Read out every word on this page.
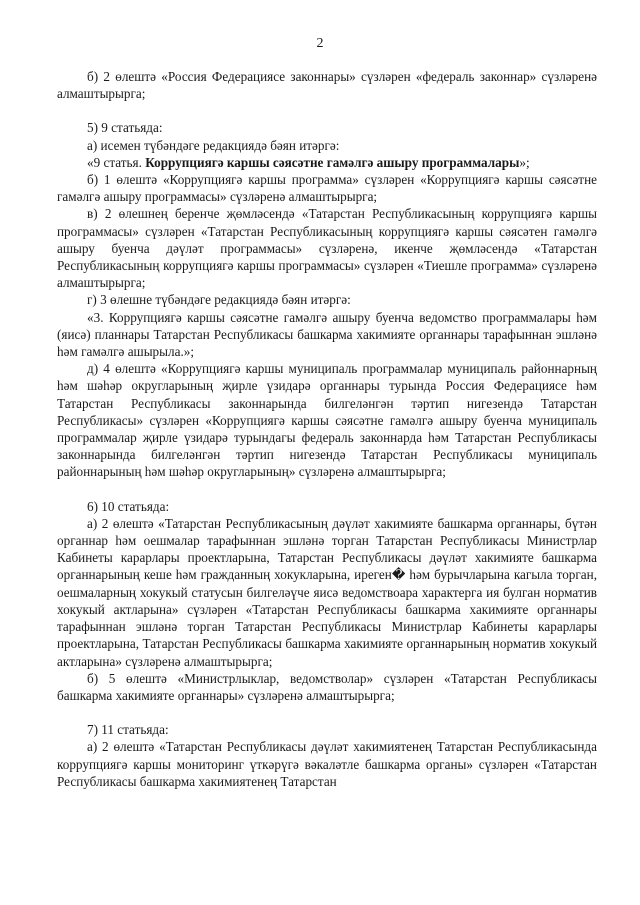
2
б) 2 өлештә «Россия Федерациясе законнары» сүзләрен «федераль законнар» сүзләренә алмаштырырга;
5) 9 статьяда:
а) исемен түбәндәге редакциядә бәян итәргә:
«9 статья. Коррупциягә каршы сәясәтне гамәлгә ашыру программалары»;
б) 1 өлештә «Коррупциягә каршы программа» сүзләрен «Коррупциягә каршы сәясәтне гамәлгә ашыру программасы» сүзләренә алмаштырырга;
в) 2 өлешнең беренче җөмләсендә «Татарстан Республикасының коррупциягә каршы программасы» сүзләрен «Татарстан Республикасының коррупциягә каршы сәясәтен гамәлгә ашыру буенча дәүләт программасы» сүзләренә, икенче җөмләсендә «Татарстан Республикасының коррупциягә каршы программасы» сүзләрен «Тиешле программа» сүзләренә алмаштырырга;
г) 3 өлешне түбәндәге редакциядә бәян итәргә:
«3. Коррупциягә каршы сәясәтне гамәлгә ашыру буенча ведомство программалары һәм (яисә) планнары Татарстан Республикасы башкарма хакимияте органнары тарафыннан эшләнә һәм гамәлгә ашырыла.»;
д) 4 өлештә «Коррупциягә каршы муниципаль программалар муниципаль районнарның һәм шәһәр округларының җирле үзидарә органнары турында Россия Федерациясе һәм Татарстан Республикасы законнарында билгеләнгән тәртип нигезендә Татарстан Республикасы» сүзләрен «Коррупциягә каршы сәясәтне гамәлгә ашыру буенча муниципаль программалар җирле үзидарә турындагы федераль законнарда һәм Татарстан Республикасы законнарында билгеләнгән тәртип нигезендә Татарстан Республикасы муниципаль районнарының һәм шәһәр округларының» сүзләренә алмаштырырга;
6) 10 статьяда:
а) 2 өлештә «Татарстан Республикасының дәүләт хакимияте башкарма органнары, бүтән органнар һәм оешмалар тарафыннан эшләнә торган Татарстан Республикасы Министрлар Кабинеты карарлары проектларына, Татарстан Республикасы дәүләт хакимияте башкарма органнарының кеше һәм гражданның хокукларына, иреген� һәм бурычларына кагыла торган, оешмаларның хокукый статусын билгеләүче яисә ведомствоара характерга ия булган норматив хокукый актларына» сүзләрен «Татарстан Республикасы башкарма хакимияте органнары тарафыннан эшләнә торган Татарстан Республикасы Министрлар Кабинеты карарлары проектларына, Татарстан Республикасы башкарма хакимияте органнарының норматив хокукый актларына» сүзләренә алмаштырырга;
б) 5 өлештә «Министрлыклар, ведомстволар» сүзләрен «Татарстан Республикасы башкарма хакимияте органнары» сүзләренә алмаштырырга;
7) 11 статьяда:
а) 2 өлештә «Татарстан Республикасы дәүләт хакимиятенең Татарстан Республикасында коррупциягә каршы мониторинг үткәрүгә вәкаләтле башкарма органы» сүзләрен «Татарстан Республикасы башкарма хакимиятенең Татарстан
